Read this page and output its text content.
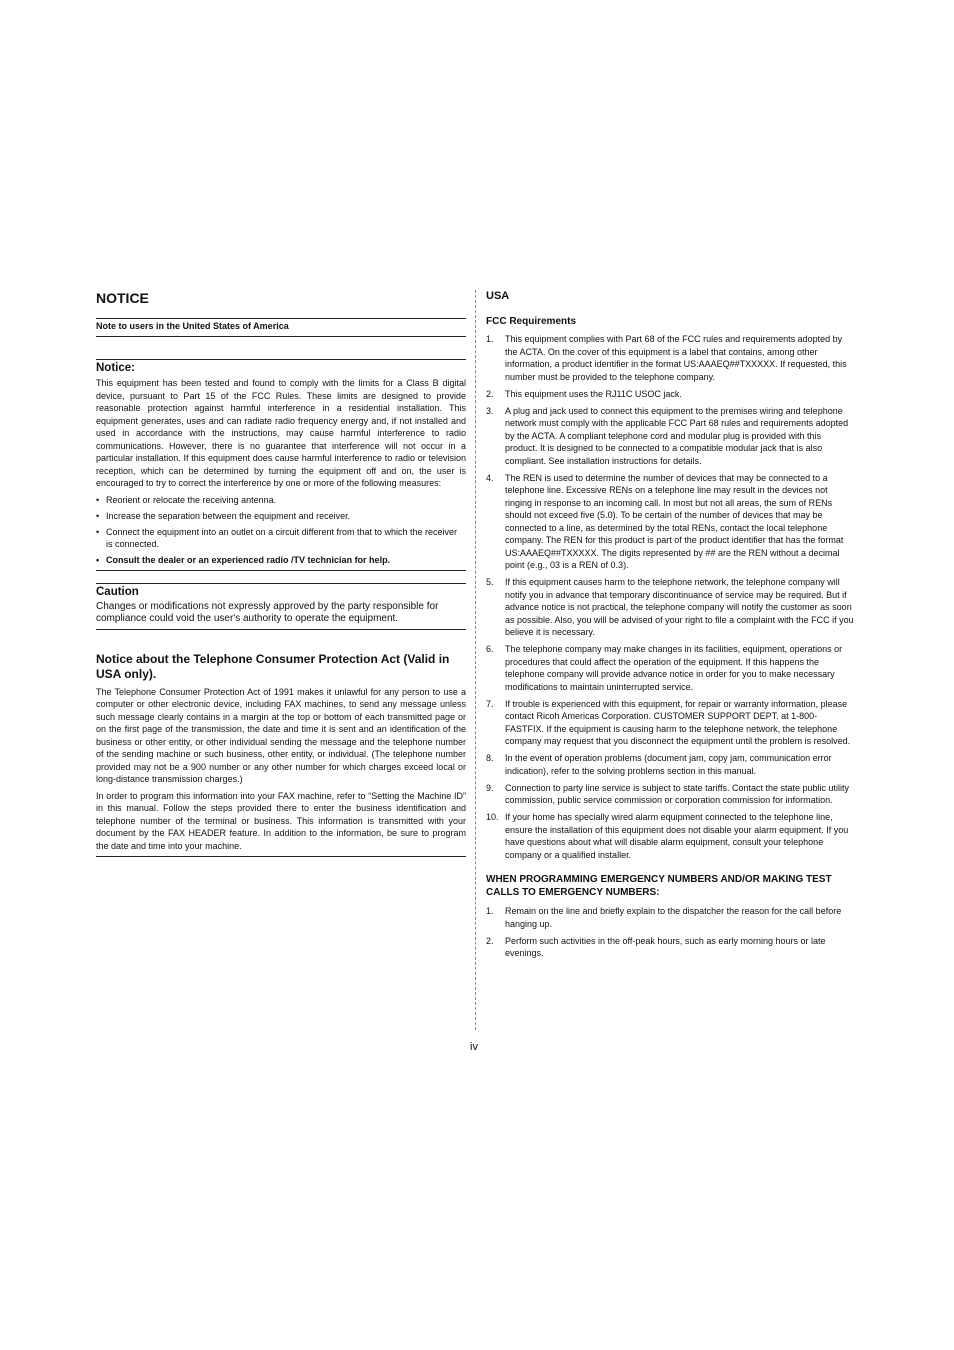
NOTICE
Note to users in the United States of America
Notice:

This equipment has been tested and found to comply with the limits for a Class B digital device, pursuant to Part 15 of the FCC Rules. These limits are designed to provide reasonable protection against harmful interference in a residential installation. This equipment generates, uses and can radiate radio frequency energy and, if not installed and used in accordance with the instructions, may cause harmful interference to radio communications. However, there is no guarantee that interference will not occur in a particular installation. If this equipment does cause harmful interference to radio or television reception, which can be determined by turning the equipment off and on, the user is encouraged to try to correct the interference by one or more of the following measures:

• Reorient or relocate the receiving antenna.
• Increase the separation between the equipment and receiver.
• Connect the equipment into an outlet on a circuit different from that to which the receiver is connected.
• Consult the dealer or an experienced radio /TV technician for help.
Caution

Changes or modifications not expressly approved by the party responsible for compliance could void the user's authority to operate the equipment.

Notice about the Telephone Consumer Protection Act (Valid in USA only).

The Telephone Consumer Protection Act of 1991 makes it unlawful for any person to use a computer or other electronic device, including FAX machines, to send any message unless such message clearly contains in a margin at the top or bottom of each transmitted page or on the first page of the transmission, the date and time it is sent and an identification of the business or other entity, or other individual sending the message and the telephone number of the sending machine or such business, other entity, or individual. (The telephone number provided may not be a 900 number or any other number for which charges exceed local or long-distance transmission charges.)

In order to program this information into your FAX machine, refer to “Setting the Machine ID” in this manual. Follow the steps provided there to enter the business identification and telephone number of the terminal or business. This information is transmitted with your document by the FAX HEADER feature. In addition to the information, be sure to program the date and time into your machine.

USA
FCC Requirements
1. This equipment complies with Part 68 of the FCC rules and requirements adopted by the ACTA. On the cover of this equipment is a label that contains, among other information, a product identifier in the format US:AAAEQ##TXXXXX. If requested, this number must be provided to the telephone company.
2. This equipment uses the RJ11C USOC jack.
3. A plug and jack used to connect this equipment to the premises wiring and telephone network must comply with the applicable FCC Part 68 rules and requirements adopted by the ACTA. A compliant telephone cord and modular plug is provided with this product. It is designed to be connected to a compatible modular jack that is also compliant. See installation instructions for details.
4. The REN is used to determine the number of devices that may be connected to a telephone line. Excessive RENs on a telephone line may result in the devices not ringing in response to an incoming call. In most but not all areas, the sum of RENs should not exceed five (5.0). To be certain of the number of devices that may be connected to a line, as determined by the total RENs, contact the local telephone company. The REN for this product is part of the product identifier that has the format US:AAAEQ##TXXXXX. The digits represented by ## are the REN without a decimal point (e.g., 03 is a REN of 0.3).
5. If this equipment causes harm to the telephone network, the telephone company will notify you in advance that temporary discontinuance of service may be required. But if advance notice is not practical, the telephone company will notify the customer as soon as possible. Also, you will be advised of your right to file a complaint with the FCC if you believe it is necessary.
6. The telephone company may make changes in its facilities, equipment, operations or procedures that could affect the operation of the equipment. If this happens the telephone company will provide advance notice in order for you to make necessary modifications to maintain uninterrupted service.
7. If trouble is experienced with this equipment, for repair or warranty information, please contact Ricoh Americas Corporation. CUSTOMER SUPPORT DEPT. at 1-800-FASTFIX. If the equipment is causing harm to the telephone network, the telephone company may request that you disconnect the equipment until the problem is resolved.
8. In the event of operation problems (document jam, copy jam, communication error indication), refer to the solving problems section in this manual.
9. Connection to party line service is subject to state tariffs. Contact the state public utility commission, public service commission or corporation commission for information.
10. If your home has specially wired alarm equipment connected to the telephone line, ensure the installation of this equipment does not disable your alarm equipment. If you have questions about what will disable alarm equipment, consult your telephone company or a qualified installer.
WHEN PROGRAMMING EMERGENCY NUMBERS AND/OR MAKING TEST CALLS TO EMERGENCY NUMBERS:
1. Remain on the line and briefly explain to the dispatcher the reason for the call before hanging up.
2. Perform such activities in the off-peak hours, such as early morning hours or late evenings.
iv
